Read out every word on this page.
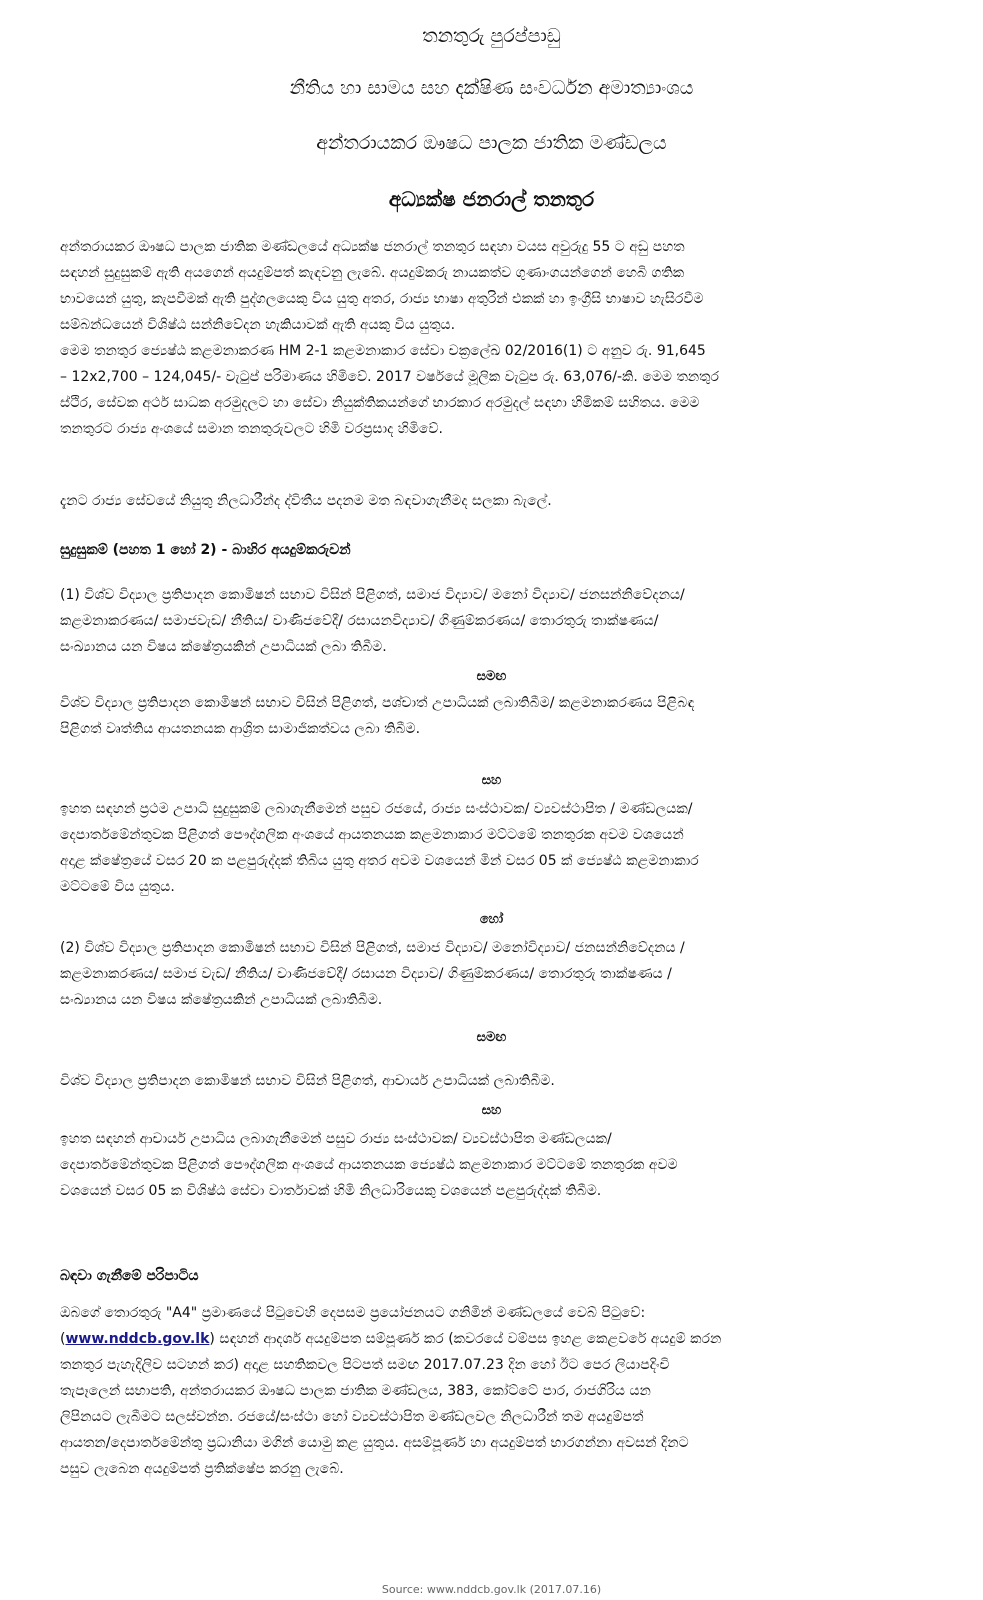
තනතුරු පුරප්පාඩු
නීතිය හා සාමය සහ දක්ෂිණ සංවර්ධන අමාත්‍යාංශය
අන්තරායකර ඖෂධ පාලක ජාතික මණ්ඩලය
අධ්‍යක්ෂ ජනරාල් තනතුර
අන්තරායකර ඖෂධ පාලක ජාතික මණ්ඩලයේ අධ්‍යක්ෂ ජනරාල් තනතුර සඳහා වයස අවුරුදු 55 ට අඩු පහත
සඳහන් සුදුසුකම් ඇති අයගෙන් අයදුම්පත් කැඳවනු ලැබේ. අයදුම්කරු නායකත්ව ගුණාංගයන්ගෙන් හෙබි ගතික
භාවයෙන් යුතු, කැපවීමක් ඇති පුද්ගලයෙකු විය යුතු අතර, රාජ්‍ය භාෂා අතුරින් එකක් හා ඉංග්‍රීසි භාෂාව හැසිරවීම
සම්බන්ධයෙන් විශිෂ්ඨ සන්නිවේදන හැකියාවක් ඇති අයකු විය යුතුය.
මෙම තනතුර ජ්‍යෙෂ්ඨ කළමනාකරණ HM 2-1 කළමනාකාර සේවා චක්‍රලේඛ 02/2016(1) ට අනුව රු. 91,645
– 12x2,700 – 124,045/- වැටුප් පරිමාණය හිමිවේ. 2017 වර්ෂයේ මූලික වැටුප රු. 63,076/-කි. මෙම තනතුර
ස්ථිර, සේවක අර්ථ සාධක අරමුදලට හා සේවා නියුක්තිකයන්ගේ භාරකාර අරමුදල් සඳහා හිමිකම් සහිතය. මෙම
තනතුරට රාජ්‍ය අංශයේ සමාන තනතුරුවලට හිමි වරප්‍රසාද හිමිවේ.
දැනට රාජ්‍ය සේවයේ නියුතු නිලධාරීන්ද ද්විතීය පදනම මත බඳවාගැනීමද සලකා බැලේ.
සුදුසුකම් (පහත 1 හෝ 2) - බාහිර අයදුම්කරුවන්
(1) විශ්ව විද්‍යාල ප්‍රතිපාදන කොමිෂන් සභාව විසින් පිළිගත්, සමාජ විද්‍යාව/ මනෝ විද්‍යාව/ ජනසන්නිවේදනය/
කළමනාකරණය/ සමාජවැඩ/ නීතිය/ වාණිජවේදී/ රසායනවිද්‍යාව/ ගිණුම්කරණය/ තොරතුරු තාක්ෂණය/
සංඛ්‍යානය යන විෂය ක්ෂේත්‍රයකින් උපාධියක් ලබා තිබීම.
සමඟ
විශ්ව විද්‍යාල ප්‍රතිපාදන කොමිෂන් සභාව විසින් පිළිගත්, පශ්චාත් උපාධියක් ලබාතිබීම/ කළමනාකරණය පිළිබඳ
පිළිගත් වෘත්තිය ආයතනයක ආශ්‍රිත සාමාජිකත්වය ලබා තිබීම.
සහ
ඉහත සඳහන් ප්‍රථම උපාධි සුදුසුකම් ලබාගැනීමෙන් පසුව රජයේ, රාජ්‍ය සංස්ථාවක/ ව්‍යවස්ථාපිත / මණ්ඩලයක/
දෙපාර්තමේන්තුවක පිළිගත් පෞද්ගලික අංශයේ ආයතනයක කළමනාකාර මට්ටමේ තනතුරක අවම වශයෙන්
අදාළ ක්ෂේත්‍රයේ වසර 20 ක පළපුරුද්දක් තිබිය යුතු අතර අවම වශයෙන් මින් වසර 05 ක් ජ්‍යෙෂ්ඨ කළමනාකාර
මට්ටමේ විය යුතුය.
හෝ
(2) විශ්ව විද්‍යාල ප්‍රතිපාදන කොමිෂන් සභාව විසින් පිළිගත්, සමාජ විද්‍යාව/ මනෝවිද්‍යාව/ ජනසන්නිවේදනය /
කළමනාකරණය/ සමාජ වැඩ/ නීතිය/ වාණිජවේදී/ රසායන විද්‍යාව/ ගිණුම්කරණය/ තොරතුරු තාක්ෂණය /
සංඛ්‍යානය යන විෂය ක්ෂේත්‍රයකින් උපාධියක් ලබාතිබීම.
සමඟ
විශ්ව විද්‍යාල ප්‍රතිපාදන කොමිෂන් සභාව විසින් පිළිගත්, ආචාර්ය උපාධියක් ලබාතිබීම.
සහ
ඉහත සඳහන් ආචාර්ය උපාධිය ලබාගැනීමෙන් පසුව රාජ්‍ය සංස්ථාවක/ ව්‍යවස්ථාපිත මණ්ඩලයක/
දෙපාර්තමේන්තුවක පිළිගත් පෞද්ගලික අංශයේ ආයතනයක ජ්‍යෙෂ්ඨ කළමනාකාර මට්ටමේ තනතුරක අවම
වශයෙන් වසර 05 ක විශිෂ්ඨ සේවා වාර්තාවක් හිමි නිලධාරියෙකු වශයෙන් පළපුරුද්දක් තිබීම.
බඳවා ගැනීමේ පරිපාටිය
ඔබගේ තොරතුරු "A4" ප්‍රමාණයේ පිටුවෙහි දෙපසම ප්‍රයෝජනයට ගනිමින් මණ්ඩලයේ වෙබ් පිටුවේ:
(www.nddcb.gov.lk) සඳහන් ආදර්ශ අයදුම්පත සම්පූර්ණ කර (කවරයේ වම්පස ඉහළ කෙළවරේ අයදුම් කරන
තනතුර පැහැදිලිව සටහන් කර) අදාළ සහතිකවල පිටපත් සමඟ 2017.07.23 දින හෝ ඊට පෙර ලියාපදිංචි
තැපෑලෙන් සභාපති, අන්තරායකර ඖෂධ පාලක ජාතික මණ්ඩලය, 383, කෝට්ටේ පාර, රාජගිරිය යන
ලිපිනයට ලැබීමට සලස්වන්න. රජයේ/සංස්ථා හෝ ව්‍යවස්ථාපිත මණ්ඩලවල නිලධාරීන් තම අයදුම්පත්
ආයතන/දෙපාර්තමේන්තු ප්‍රධානියා මගින් යොමු කළ යුතුය. අසම්පූර්ණ හා අයදුම්පත් භාරගන්නා අවසන් දිනට
පසුව ලැබෙන අයදුම්පත් ප්‍රතික්ෂේප කරනු ලැබේ.
Source: www.nddcb.gov.lk (2017.07.16)
